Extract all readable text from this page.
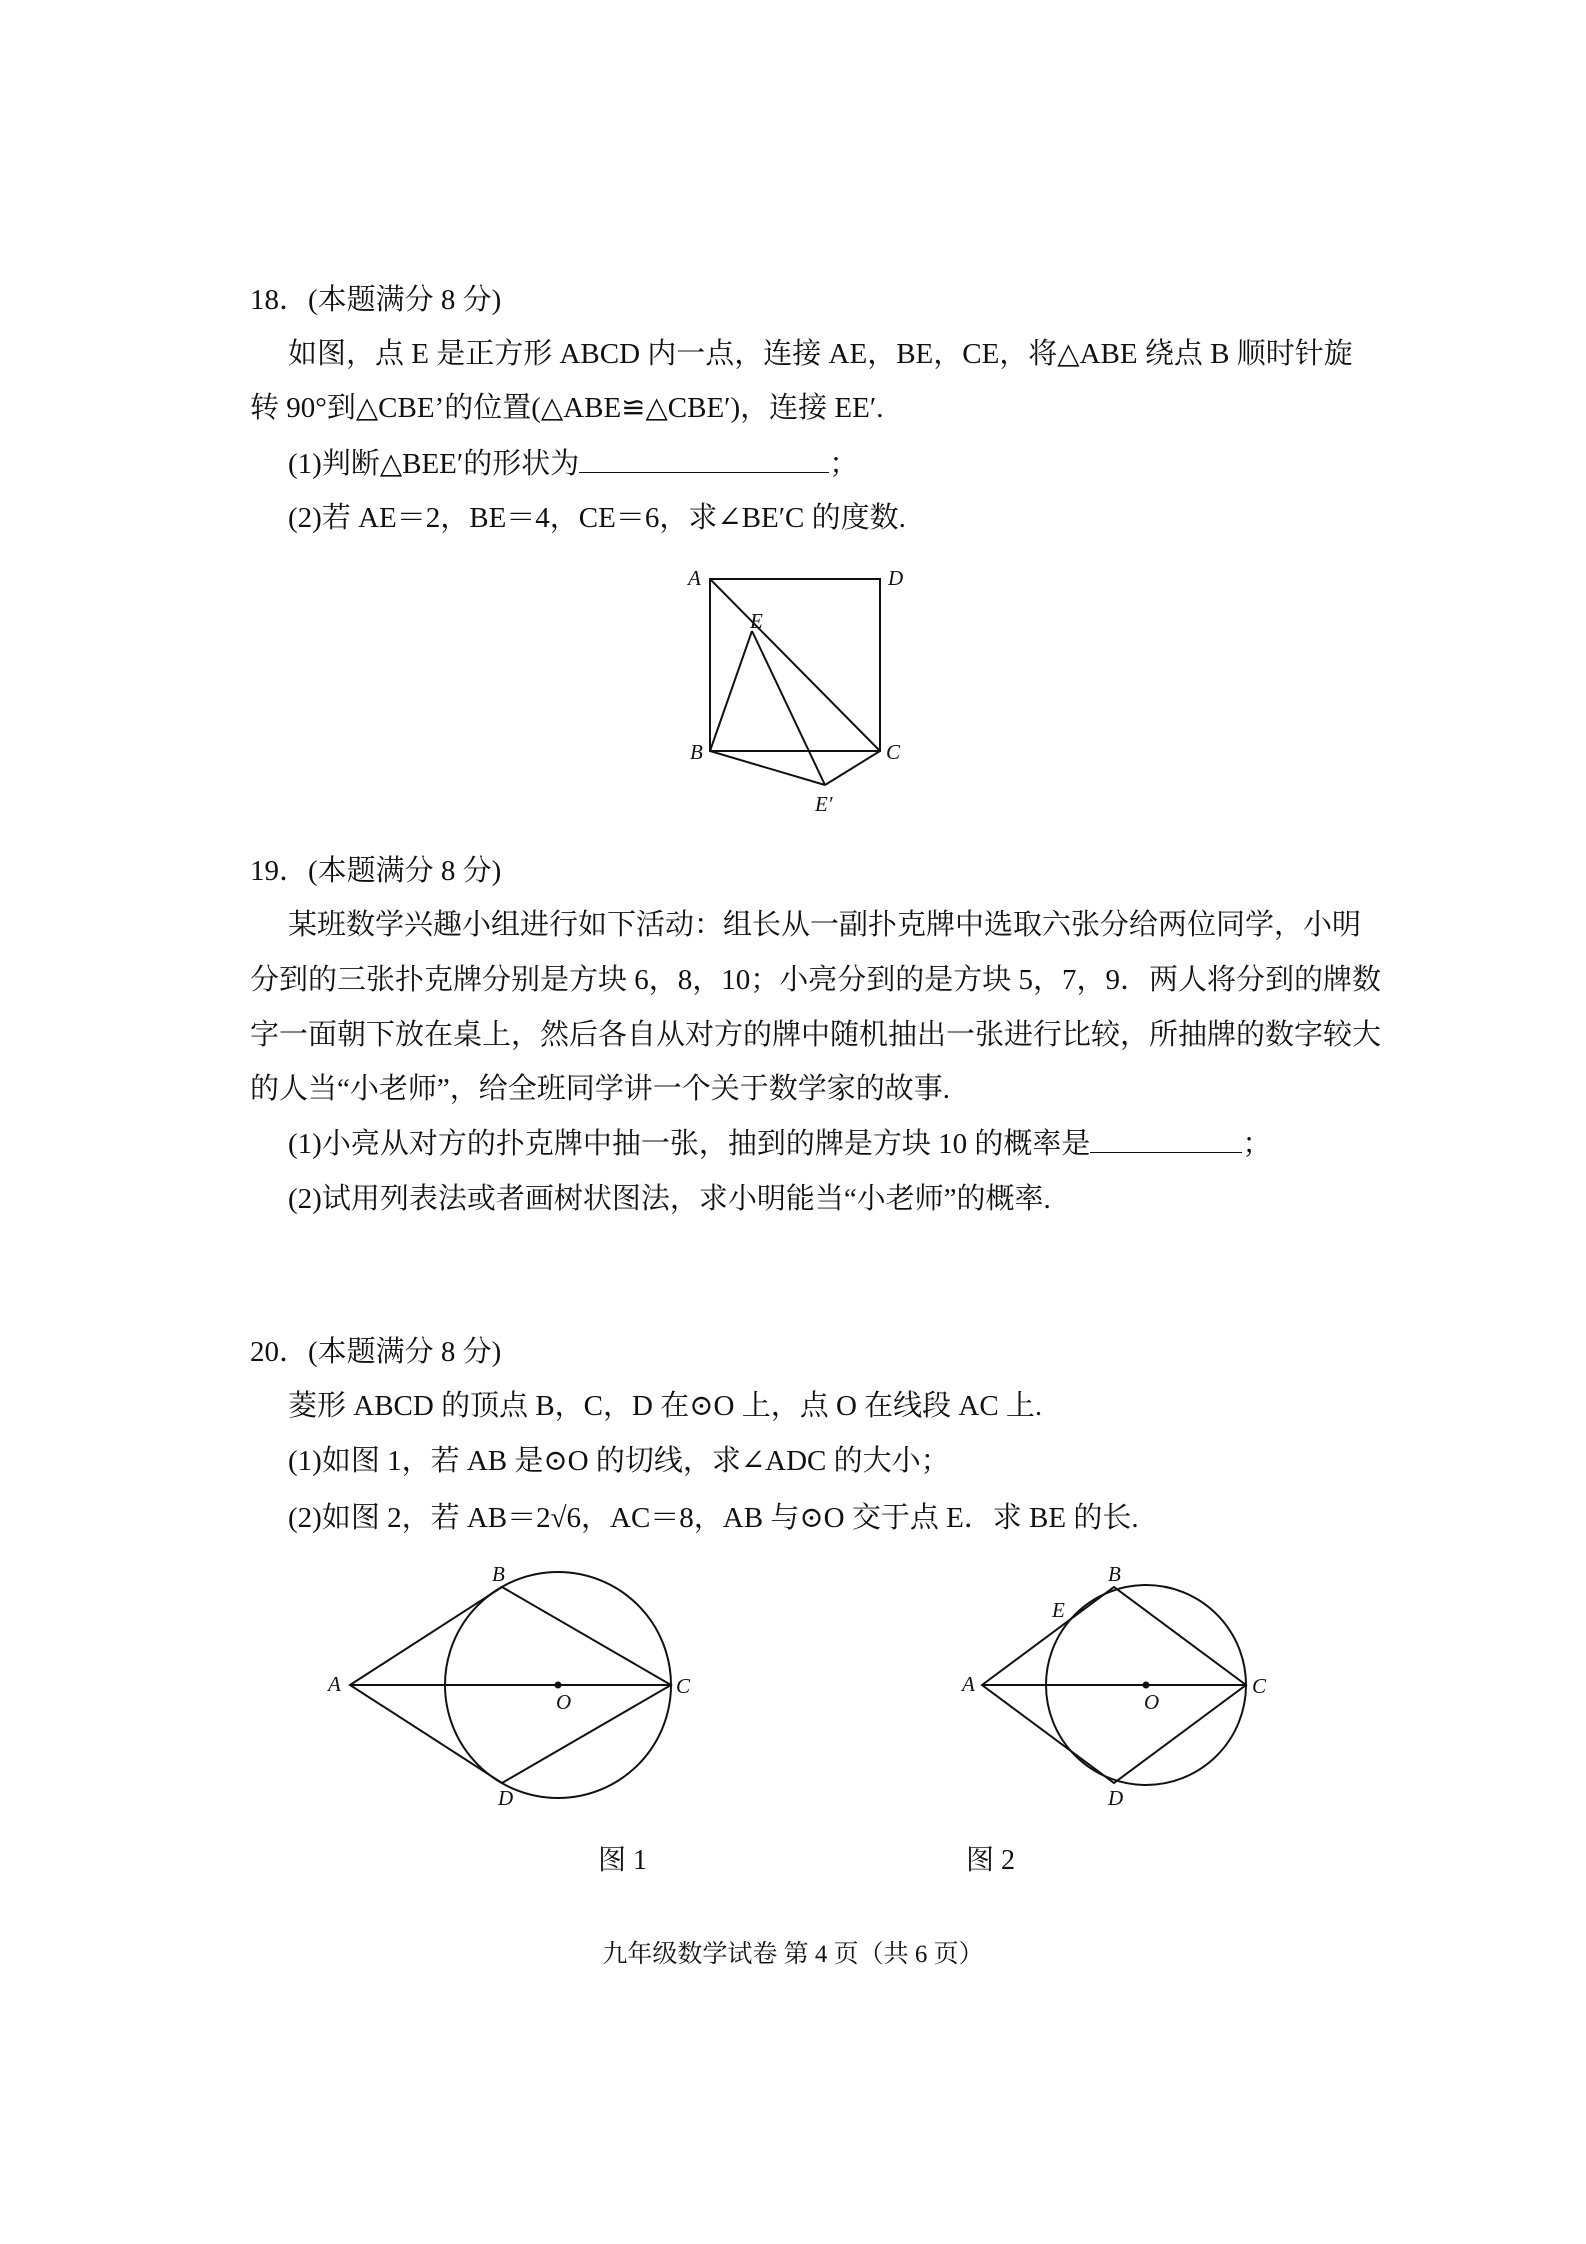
18．(本题满分 8 分)
如图，点 E 是正方形 ABCD 内一点，连接 AE，BE，CE，将△ABE 绕点 B 顺时针旋
转 90°到△CBE’的位置(△ABE≌△CBE′)，连接 EE′.
(1)判断△BEE′的形状为	；
(2)若 AE＝2，BE＝4，CE＝6，求∠BE′C 的度数.
A	D
E
B	C
E′
19．(本题满分 8 分)
某班数学兴趣小组进行如下活动：组长从一副扑克牌中选取六张分给两位同学，小明
分到的三张扑克牌分别是方块 6，8，10；小亮分到的是方块 5，7，9．两人将分到的牌数
字一面朝下放在桌上，然后各自从对方的牌中随机抽出一张进行比较，所抽牌的数字较大
的人当“小老师”，给全班同学讲一个关于数学家的故事.
(1)小亮从对方的扑克牌中抽一张，抽到的牌是方块 10 的概率是	；
(2)试用列表法或者画树状图法，求小明能当“小老师”的概率.
20．(本题满分 8 分)
菱形 ABCD 的顶点 B，C，D 在⊙O 上，点 O 在线段 AC 上.
(1)如图 1，若 AB 是⊙O 的切线，求∠ADC 的大小；
(2)如图 2，若 AB＝2√6，AC＝8，AB 与⊙O 交于点 E．求 BE 的长.
A
B
C
D
O
图 1
A
B
E
C
D
O
图 2
九年级数学试卷 第 4 页（共 6 页）
